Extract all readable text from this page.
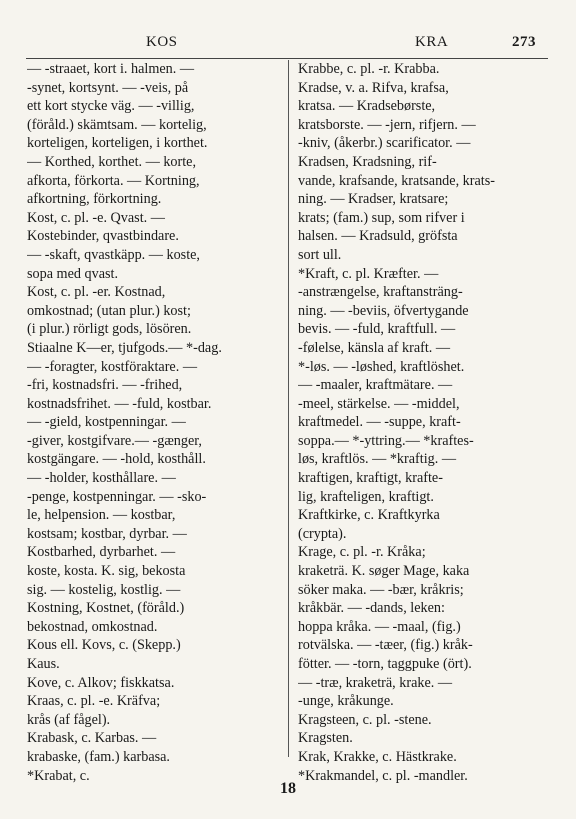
KOS	KRA	273
— -straaet, kort i. halmen. —
-synet, kortsynt. — -veis, på
ett kort stycke väg. — -villig,
(föråld.) skämtsam. — kortelig,
korteligen, korteligen, i korthet.
— Korthed, korthet. — korte,
afkorta, förkorta. — Kortning,
afkortning, förkortning.
Kost, c. pl. -e. Qvast. —
Kostebinder, qvastbindare.
— -skaft, qvastkäpp. — koste,
sopa med qvast.
Kost, c. pl. -er. Kostnad,
omkostnad; (utan plur.) kost;
(i plur.) rörligt gods, lösören.
Stiaalne K—er, tjufgods.— *-dag.
— -foragter, kostföraktare. —
-fri, kostnadsfri. — -frihed,
kostnadsfrihet. — -fuld, kostbar.
— -gield, kostpenningar. —
-giver, kostgifvare.— -gænger,
kostgängare. — -hold, kosthåll.
— -holder, kosthållare. —
-penge, kostpenningar. — -sko-
le, helpension. — kostbar,
kostsam; kostbar, dyrbar. —
Kostbarhed, dyrbarhet. —
koste, kosta. K. sig, bekosta
sig. — kostelig, kostlig. —
Kostning, Kostnet, (föråld.)
bekostnad, omkostnad.
Kous ell. Kovs, c. (Skepp.)
Kaus.
Kove, c. Alkov; fiskkatsa.
Kraas, c. pl. -e. Kräfva;
krås (af fågel).
Krabask, c. Karbas. —
krabaske, (fam.) karbasa.
*Krabat, c.
Krabbe, c. pl. -r. Krabba.
Kradse, v. a. Rifva, krafsa,
kratsa. — Kradsebørste,
kratsborste. — -jern, rifjern. —
-kniv, (åkerbr.) scarificator. —
Kradsen, Kradsning, rif-
vande, krafsande, kratsande, krats-
ning. — Kradser, kratsare;
krats; (fam.) sup, som rifver i
halsen. — Kradsuld, gröfsta
sort ull.
*Kraft, c. pl. Kræfter. —
-anstrængelse, kraftansträng-
ning. — -beviis, öfvertygande
bevis. — -fuld, kraftfull. —
-følelse, känsla af kraft. —
*-løs. — -løshed, kraftlöshet.
— -maaler, kraftmätare. —
-meel, stärkelse. — -middel,
kraftmedel. — -suppe, kraft-
soppa.— *-yttring.— *kraftes-
løs, kraftlös. — *kraftig. —
kraftigen, kraftigt, krafte-
lig, krafteligen, kraftigt.
Kraftkirke, c. Kraftkyrka
(crypta).
Krage, c. pl. -r. Kråka;
kraketrä. K. søger Mage, kaka
söker maka. — -bær, kråkris;
kråkbär. — -dands, leken:
hoppa kråka. — -maal, (fig.)
rotvälska. — -tæer, (fig.) kråk-
fötter. — -torn, taggpuke (ört).
— -træ, kraketrä, krake. —
-unge, kråkunge.
Kragsteen, c. pl. -stene.
Kragsten.
Krak, Krakke, c. Hästkrake.
*Krakmandel, c. pl. -mandler.
18
